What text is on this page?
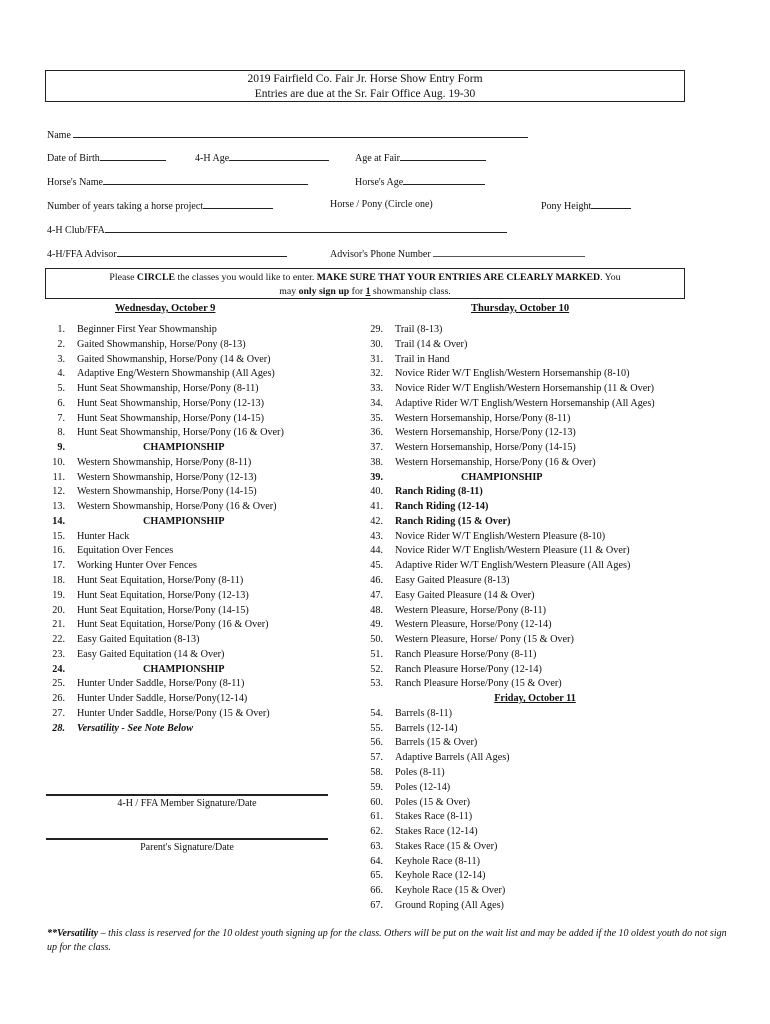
2019 Fairfield Co. Fair Jr. Horse Show Entry Form
Entries are due at the Sr. Fair Office Aug. 19-30
Name
Date of Birth	4-H Age	Age at Fair
Horse's Name	Horse's Age
Number of years taking a horse project	Horse / Pony (Circle one)	Pony Height
4-H Club/FFA
4-H/FFA Advisor	Advisor's Phone Number
Please CIRCLE the classes you would like to enter. MAKE SURE THAT YOUR ENTRIES ARE CLEARLY MARKED. You
may only sign up for 1 showmanship class.
Wednesday, October 9	Thursday, October 10
1. Beginner First Year Showmanship
2. Gaited Showmanship, Horse/Pony (8-13)
3. Gaited Showmanship, Horse/Pony (14 & Over)
4. Adaptive Eng/Western Showmanship (All Ages)
5. Hunt Seat Showmanship, Horse/Pony (8-11)
6. Hunt Seat Showmanship, Horse/Pony (12-13)
7. Hunt Seat Showmanship, Horse/Pony (14-15)
8. Hunt Seat Showmanship, Horse/Pony (16 & Over)
9.	CHAMPIONSHIP
10. Western Showmanship, Horse/Pony (8-11)
11. Western Showmanship, Horse/Pony (12-13)
12. Western Showmanship, Horse/Pony (14-15)
13. Western Showmanship, Horse/Pony (16 & Over)
14.	CHAMPIONSHIP
15. Hunter Hack
16. Equitation Over Fences
17. Working Hunter Over Fences
18. Hunt Seat Equitation, Horse/Pony (8-11)
19. Hunt Seat Equitation, Horse/Pony (12-13)
20. Hunt Seat Equitation, Horse/Pony (14-15)
21. Hunt Seat Equitation, Horse/Pony (16 & Over)
22. Easy Gaited Equitation (8-13)
23. Easy Gaited Equitation (14 & Over)
24.	CHAMPIONSHIP
25. Hunter Under Saddle, Horse/Pony (8-11)
26. Hunter Under Saddle, Horse/Pony(12-14)
27. Hunter Under Saddle, Horse/Pony (15 & Over)
28. Versatility - See Note Below
29. Trail (8-13)
30. Trail (14 & Over)
31. Trail in Hand
32. Novice Rider W/T English/Western Horsemanship (8-10)
33. Novice Rider W/T English/Western Horsemanship (11 & Over)
34. Adaptive Rider W/T English/Western Horsemanship (All Ages)
35. Western Horsemanship, Horse/Pony (8-11)
36. Western Horsemanship, Horse/Pony (12-13)
37. Western Horsemanship, Horse/Pony (14-15)
38. Western Horsemanship, Horse/Pony (16 & Over)
39.	CHAMPIONSHIP
40. Ranch Riding (8-11)
41. Ranch Riding (12-14)
42. Ranch Riding (15 & Over)
43. Novice Rider W/T English/Western Pleasure (8-10)
44. Novice Rider W/T English/Western Pleasure (11 & Over)
45. Adaptive Rider W/T English/Western Pleasure (All Ages)
46. Easy Gaited Pleasure (8-13)
47. Easy Gaited Pleasure (14 & Over)
48. Western Pleasure, Horse/Pony (8-11)
49. Western Pleasure, Horse/Pony (12-14)
50. Western Pleasure, Horse/ Pony (15 & Over)
51. Ranch Pleasure Horse/Pony (8-11)
52. Ranch Pleasure Horse/Pony (12-14)
53. Ranch Pleasure Horse/Pony (15 & Over)
Friday, October 11
54. Barrels (8-11)
55. Barrels (12-14)
56. Barrels (15 & Over)
57. Adaptive Barrels (All Ages)
58. Poles (8-11)
59. Poles (12-14)
60. Poles (15 & Over)
61. Stakes Race (8-11)
62. Stakes Race (12-14)
63. Stakes Race (15 & Over)
64. Keyhole Race (8-11)
65. Keyhole Race (12-14)
66. Keyhole Race (15 & Over)
67. Ground Roping (All Ages)
4-H / FFA Member Signature/Date
Parent's Signature/Date
**Versatility – this class is reserved for the 10 oldest youth signing up for the class. Others will be put on the wait list and may be added if the 10 oldest youth do not sign up for the class.
